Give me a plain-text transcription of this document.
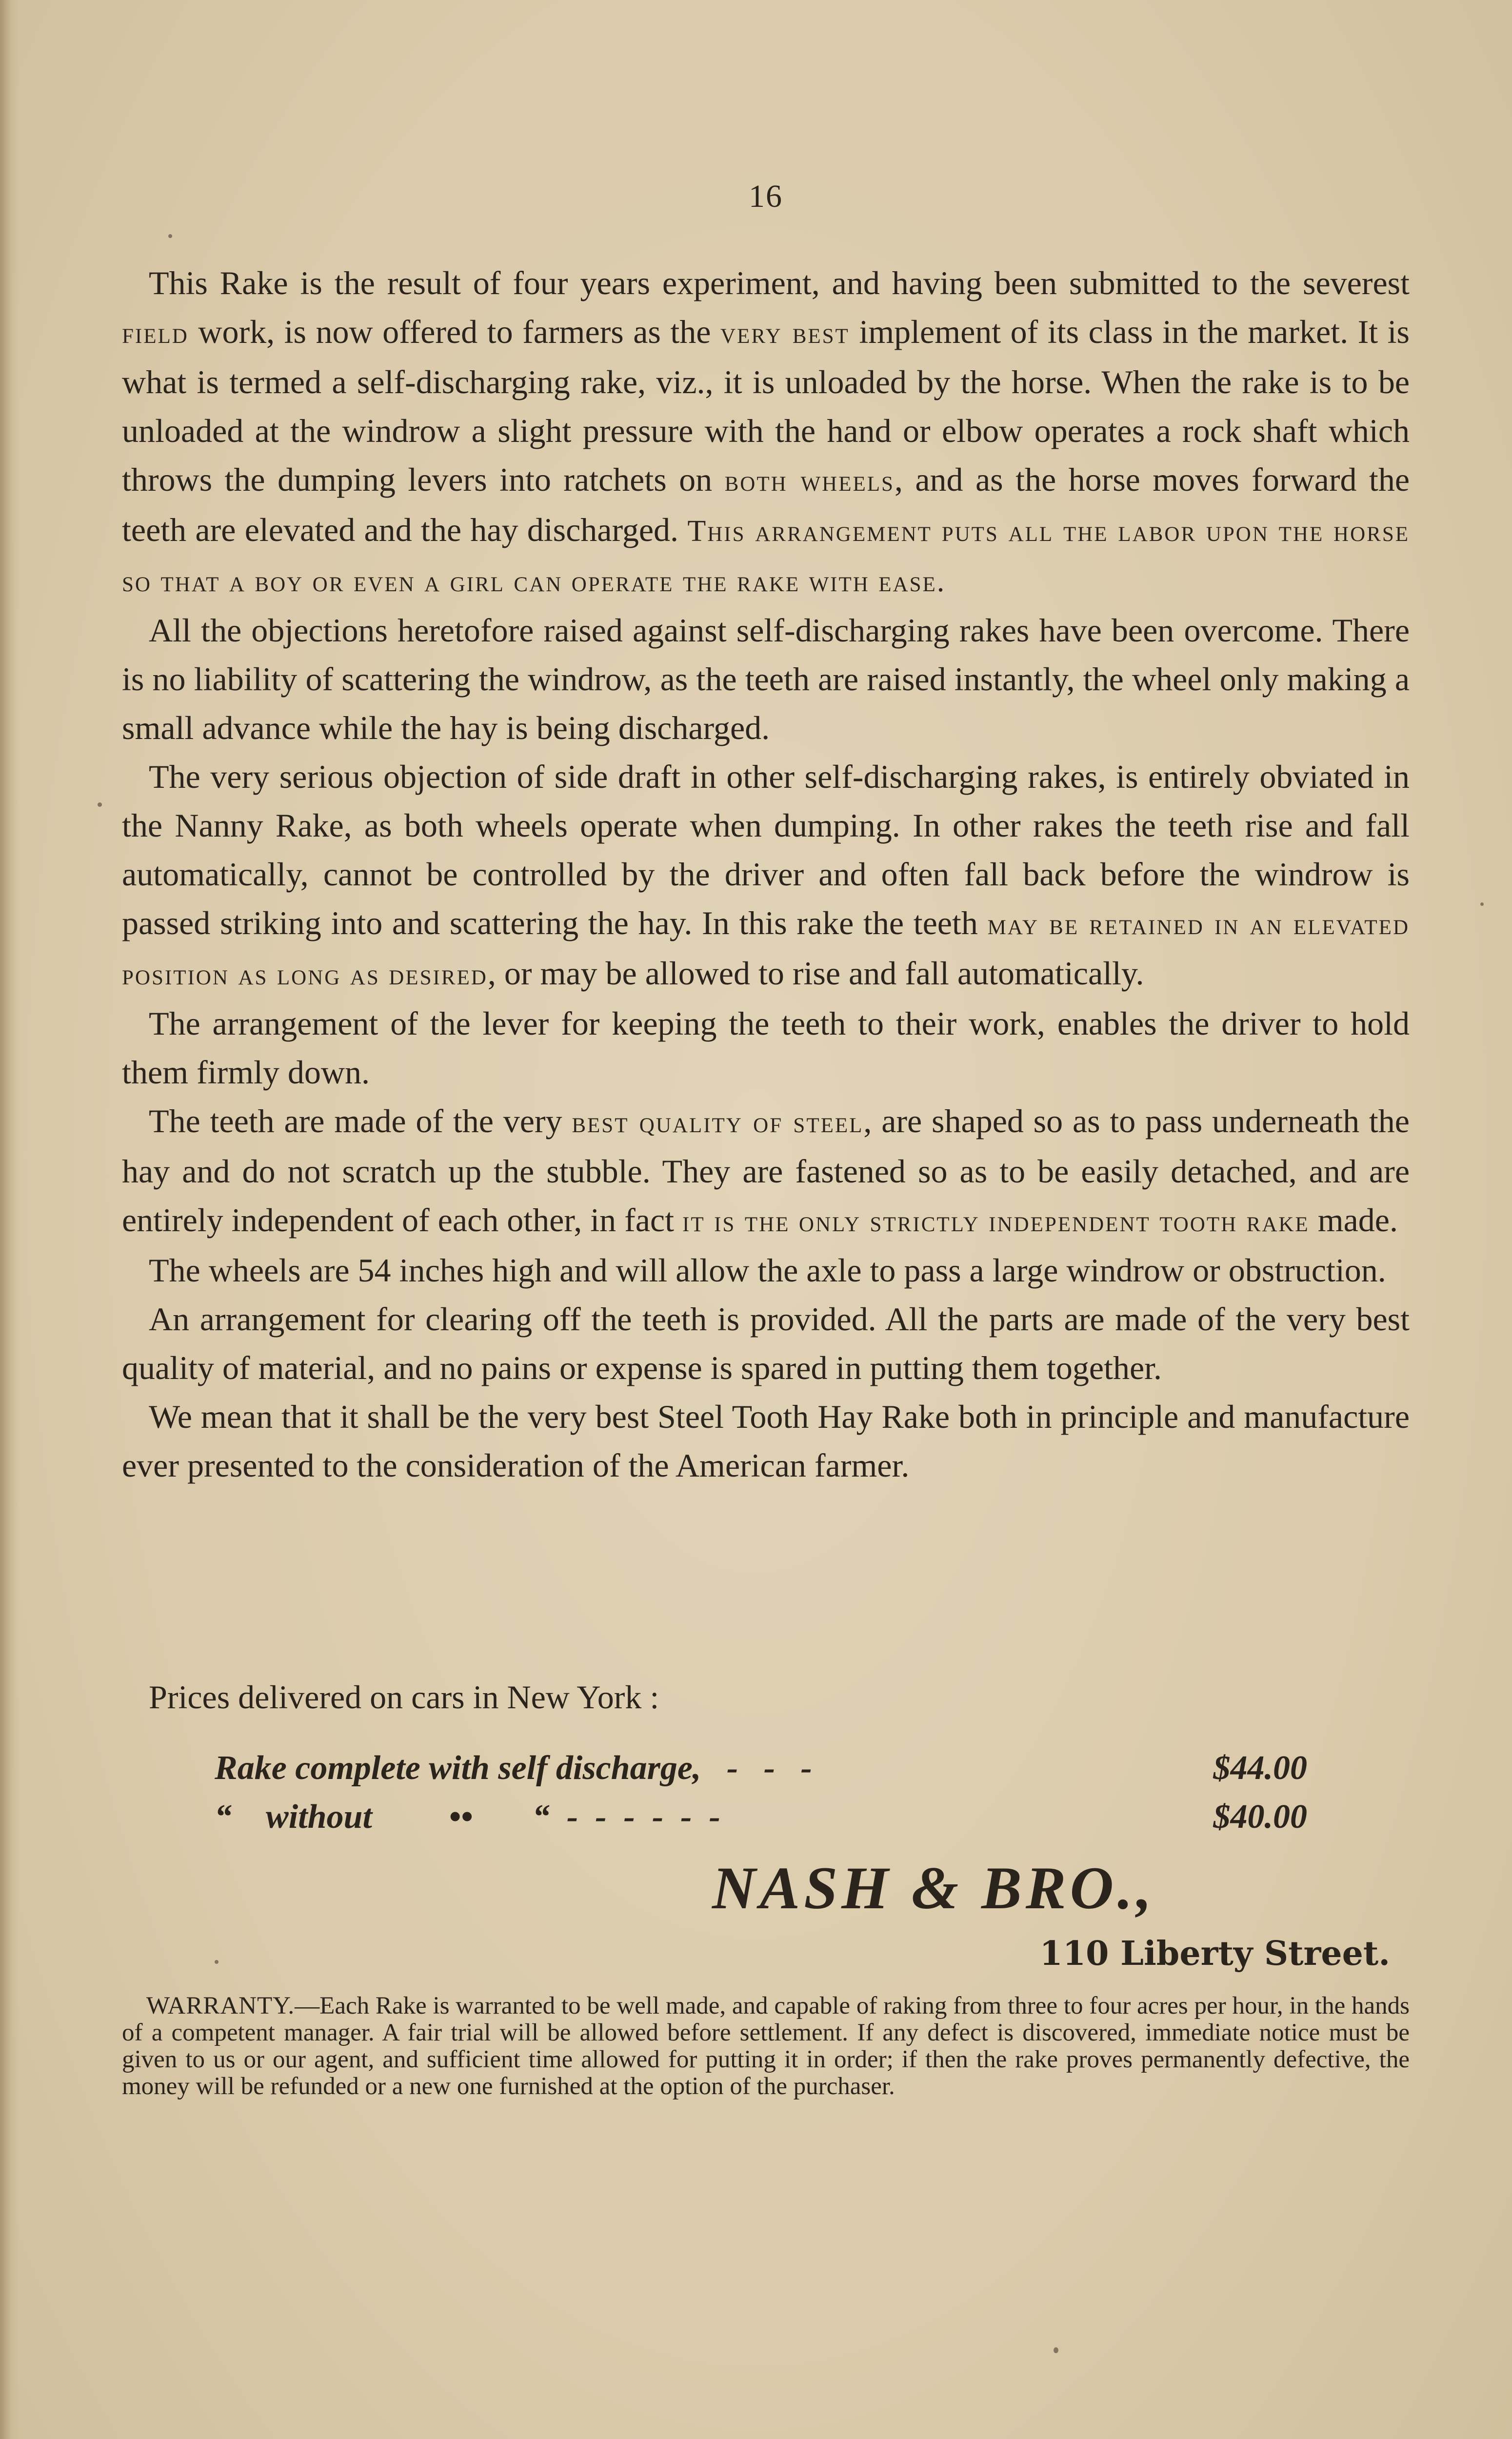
16

This Rake is the result of four years experiment, and having been submitted to the severest field work, is now offered to farmers as the very best implement of its class in the market. It is what is termed a self-discharging rake, viz., it is unloaded by the horse. When the rake is to be unloaded at the windrow a slight pressure with the hand or elbow operates a rock shaft which throws the dumping levers into ratchets on both wheels, and as the horse moves forward the teeth are elevated and the hay discharged. This arrangement puts all the labor upon the horse so that a boy or even a girl can operate the rake with ease.

All the objections heretofore raised against self-discharging rakes have been overcome. There is no liability of scattering the windrow, as the teeth are raised instantly, the wheel only making a small advance while the hay is being discharged.

The very serious objection of side draft in other self-discharging rakes, is entirely obviated in the Nanny Rake, as both wheels operate when dumping. In other rakes the teeth rise and fall automatically, cannot be controlled by the driver and often fall back before the windrow is passed striking into and scattering the hay. In this rake the teeth may be retained in an elevated position as long as desired, or may be allowed to rise and fall automatically.

The arrangement of the lever for keeping the teeth to their work, enables the driver to hold them firmly down.

The teeth are made of the very best quality of steel, are shaped so as to pass underneath the hay and do not scratch up the stubble. They are fastened so as to be easily detached, and are entirely independent of each other, in fact it is the only strictly independent tooth rake made.

The wheels are 54 inches high and will allow the axle to pass a large windrow or obstruction.

An arrangement for clearing off the teeth is provided. All the parts are made of the very best quality of material, and no pains or expense is spared in putting them together.

We mean that it shall be the very best Steel Tooth Hay Rake both in principle and manufacture ever presented to the consideration of the American farmer.

Prices delivered on cars in New York :
Rake complete with self discharge,   -   -   -	$44.00
“    without         ••       “  -  -  -  -  -  -	$40.00
NASH & BRO.,
110 Liberty Street.

WARRANTY.—Each Rake is warranted to be well made, and capable of raking from three to four acres per hour, in the hands of a competent manager. A fair trial will be allowed before settlement. If any defect is discovered, immediate notice must be given to us or our agent, and sufficient time allowed for putting it in order; if then the rake proves permanently defective, the money will be refunded or a new one furnished at the option of the purchaser.
